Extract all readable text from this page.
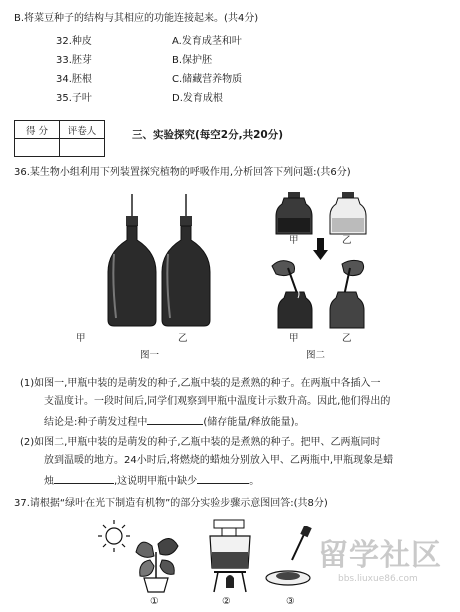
B.将菜豆种子的结构与其相应的功能连接起来。(共4分)
32.种皮	A.发育成茎和叶
33.胚芽	B.保护胚
34.胚根	C.储藏营养物质
35.子叶	D.发育成根
得 分	评卷人
		三、实验探究(每空2分,共20分)
36.某生物小组利用下列装置探究植物的呼吸作用,分析回答下列问题:(共6分)
甲	乙
图一
甲	乙
甲	乙
图二
(1)如图一,甲瓶中装的是萌发的种子,乙瓶中装的是煮熟的种子。在两瓶中各插入一
支温度计。一段时间后,同学们观察到甲瓶中温度计示数升高。因此,他们得出的
结论是:种子萌发过程中	(储存能量/释放能量)。
(2)如图二,甲瓶中装的是萌发的种子,乙瓶中装的是煮熟的种子。把甲、乙两瓶同时
放到温暖的地方。24小时后,将燃烧的蜡烛分别放入甲、乙两瓶中,甲瓶现象是蜡
烛	,这说明甲瓶中缺少	。
37.请根据“绿叶在光下制造有机物”的部分实验步骤示意图回答:(共8分)
①	②	③
留学社区
bbs.liuxue86.com
